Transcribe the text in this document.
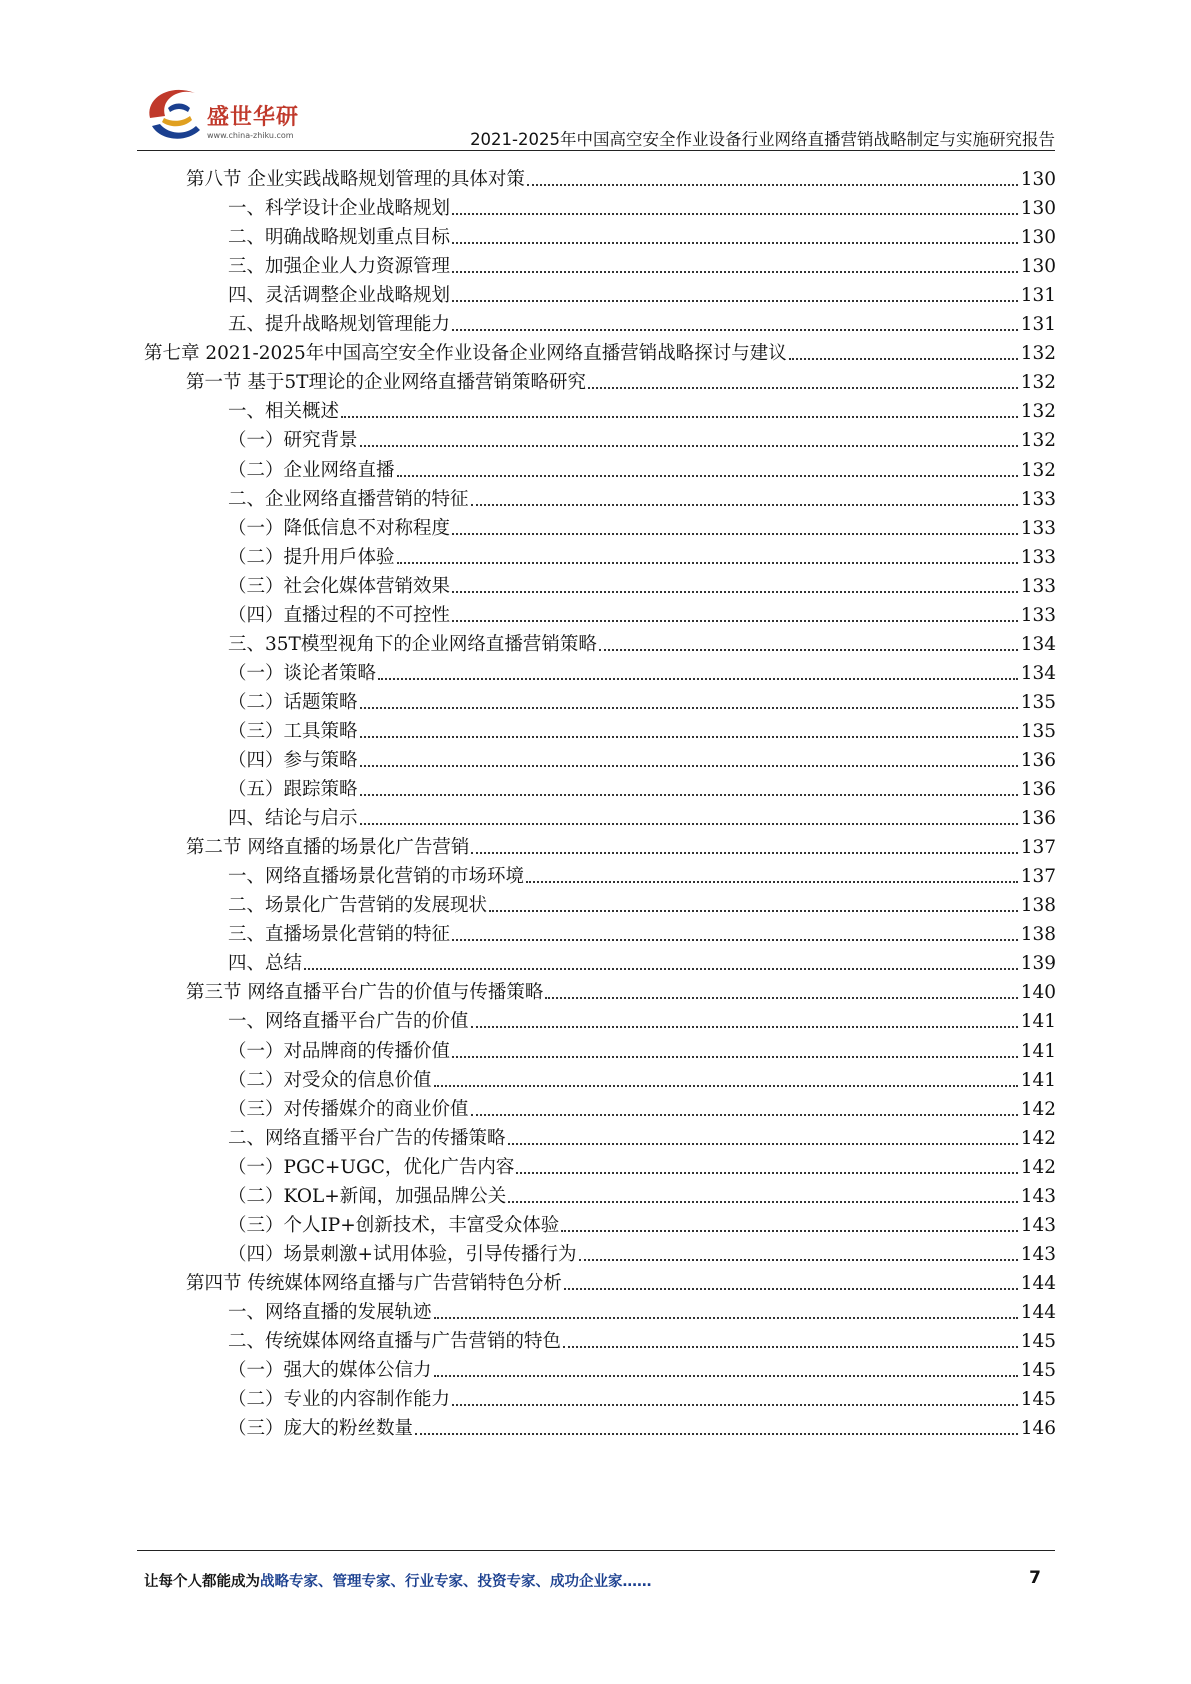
盛世华研
www.china-zhiku.com	2021-2025年中国高空安全作业设备行业网络直播营销战略制定与实施研究报告
第八节 企业实践战略规划管理的具体对策	130
一、科学设计企业战略规划	130
二、明确战略规划重点目标	130
三、加强企业人力资源管理	130
四、灵活调整企业战略规划	131
五、提升战略规划管理能力	131
第七章 2021-2025年中国高空安全作业设备企业网络直播营销战略探讨与建议	132
第一节 基于5T理论的企业网络直播营销策略研究	132
一、相关概述	132
（一）研究背景	132
（二）企业网络直播	132
二、企业网络直播营销的特征	133
（一）降低信息不对称程度	133
（二）提升用戶体验	133
（三）社会化媒体营销效果	133
（四）直播过程的不可控性	133
三、35T模型视角下的企业网络直播营销策略	134
（一）谈论者策略	134
（二）话题策略	135
（三）工具策略	135
（四）参与策略	136
（五）跟踪策略	136
四、结论与启示	136
第二节 网络直播的场景化广告营销	137
一、网络直播场景化营销的市场环境	137
二、场景化广告营销的发展现状	138
三、直播场景化营销的特征	138
四、总结	139
第三节 网络直播平台广告的价值与传播策略	140
一、网络直播平台广告的价值	141
（一）对品牌商的传播价值	141
（二）对受众的信息价值	141
（三）对传播媒介的商业价值	142
二、网络直播平台广告的传播策略	142
（一）PGC+UGC，优化广告内容	142
（二）KOL+新闻，加强品牌公关	143
（三）个人IP+创新技术，丰富受众体验	143
（四）场景刺激+试用体验，引导传播行为	143
第四节 传统媒体网络直播与广告营销特色分析	144
一、网络直播的发展轨迹	144
二、传统媒体网络直播与广告营销的特色	145
（一）强大的媒体公信力	145
（二）专业的内容制作能力	145
（三）庞大的粉丝数量	146
让每个人都能成为战略专家、管理专家、行业专家、投资专家、成功企业家……	7
